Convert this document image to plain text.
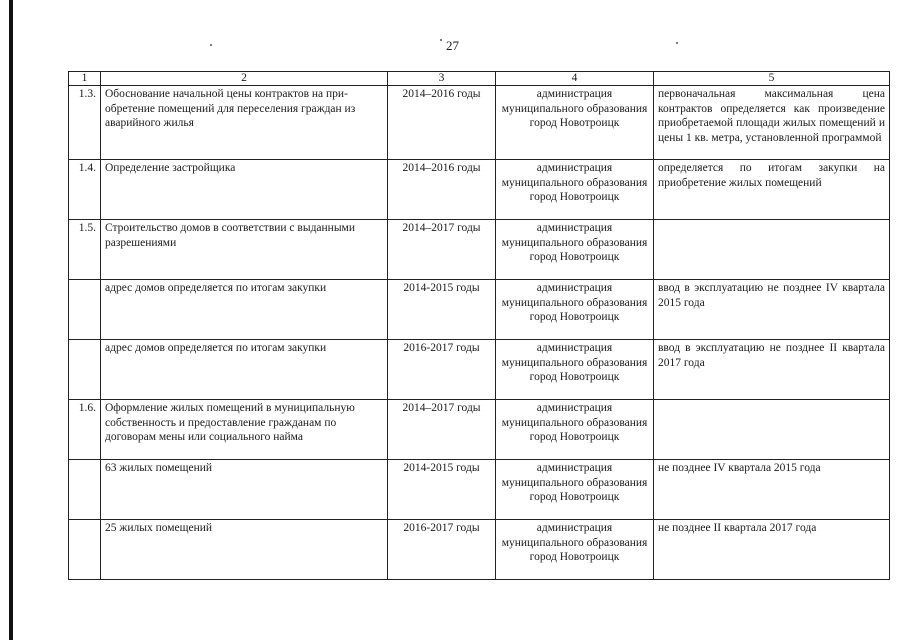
27
1	2	3	4	5
1.3.	Обоснование начальной цены контрактов на при-обретение помещений для переселения граждан из аварийного жилья	2014–2016 годы	администрация муниципального образования город Новотроицк	первоначальная максимальная цена контрактов определяется как произведение приобретаемой площади жилых помещений и цены 1 кв. метра, установленной программой
1.4.	Определение застройщика	2014–2016 годы	администрация муниципального образования город Новотроицк	определяется по итогам закупки на приобретение жилых помещений
1.5.	Строительство домов в соответствии с выданными разрешениями	2014–2017 годы	администрация муниципального образования город Новотроицк	
	адрес домов определяется по итогам закупки	2014-2015 годы	администрация муниципального образования город Новотроицк	ввод в эксплуатацию не позднее IV квартала 2015 года
	адрес домов определяется по итогам закупки	2016-2017 годы	администрация муниципального образования город Новотроицк	ввод в эксплуатацию не позднее II квартала 2017 года
1.6.	Оформление жилых помещений в муниципальную собственность и предоставление гражданам по договорам мены или социального найма	2014–2017 годы	администрация муниципального образования город Новотроицк	
	63 жилых помещений	2014-2015 годы	администрация муниципального образования город Новотроицк	не позднее IV квартала 2015 года
	25 жилых помещений	2016-2017 годы	администрация муниципального образования город Новотроицк	не позднее II квартала 2017 года
